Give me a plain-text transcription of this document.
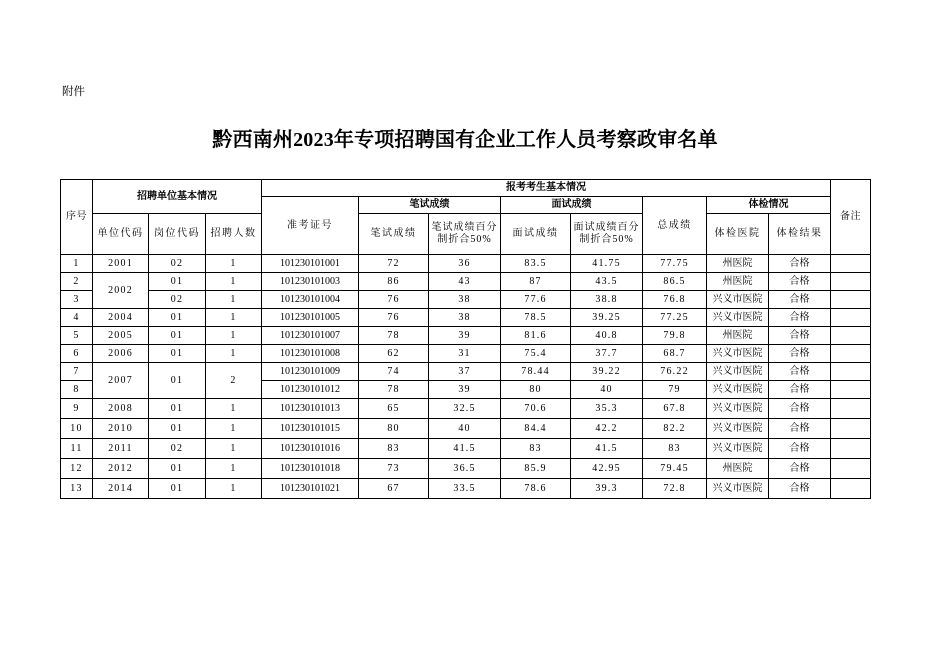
附件
黔西南州2023年专项招聘国有企业工作人员考察政审名单
序号	招聘单位基本情况			报考考生基本情况								备注
				准考证号	笔试成绩		面试成绩		总成绩	体检情况		
	单位代码	岗位代码	招聘人数		笔试成绩	笔试成绩百分制折合50%	面试成绩	面试成绩百分制折合50%		体检医院	体检结果	
1	2001	02	1	101230101001	72	36	83.5	41.75	77.75	州医院	合格	
2	2002	01	1	101230101003	86	43	87	43.5	86.5	州医院	合格	
3		02	1	101230101004	76	38	77.6	38.8	76.8	兴义市医院	合格	
4	2004	01	1	101230101005	76	38	78.5	39.25	77.25	兴义市医院	合格	
5	2005	01	1	101230101007	78	39	81.6	40.8	79.8	州医院	合格	
6	2006	01	1	101230101008	62	31	75.4	37.7	68.7	兴义市医院	合格	
7	2007	01	2	101230101009	74	37	78.44	39.22	76.22	兴义市医院	合格	
8				101230101012	78	39	80	40	79	兴义市医院	合格	
9	2008	01	1	101230101013	65	32.5	70.6	35.3	67.8	兴义市医院	合格	
10	2010	01	1	101230101015	80	40	84.4	42.2	82.2	兴义市医院	合格	
11	2011	02	1	101230101016	83	41.5	83	41.5	83	兴义市医院	合格	
12	2012	01	1	101230101018	73	36.5	85.9	42.95	79.45	州医院	合格	
13	2014	01	1	101230101021	67	33.5	78.6	39.3	72.8	兴义市医院	合格	
